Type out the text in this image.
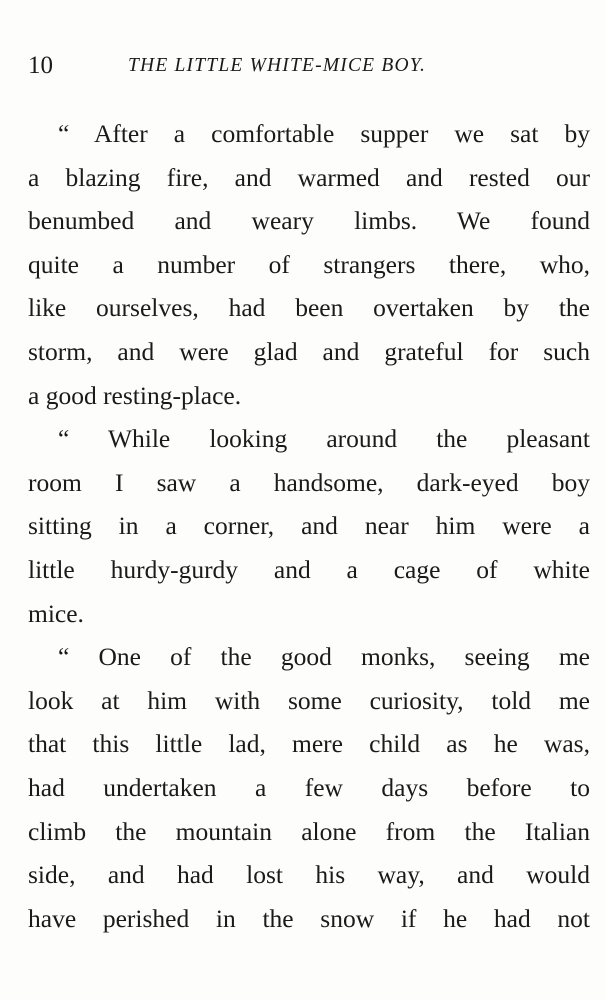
10	THE LITTLE WHITE-MICE BOY.
“ After a comfortable supper we sat by
a blazing fire, and warmed and rested our
benumbed and weary limbs. We found
quite a number of strangers there, who,
like ourselves, had been overtaken by the
storm, and were glad and grateful for such
a good resting-place.
“ While looking around the pleasant
room I saw a handsome, dark-eyed boy
sitting in a corner, and near him were a
little hurdy-gurdy and a cage of white
mice.
“ One of the good monks, seeing me
look at him with some curiosity, told me
that this little lad, mere child as he was,
had undertaken a few days before to
climb the mountain alone from the Italian
side, and had lost his way, and would
have perished in the snow if he had not
